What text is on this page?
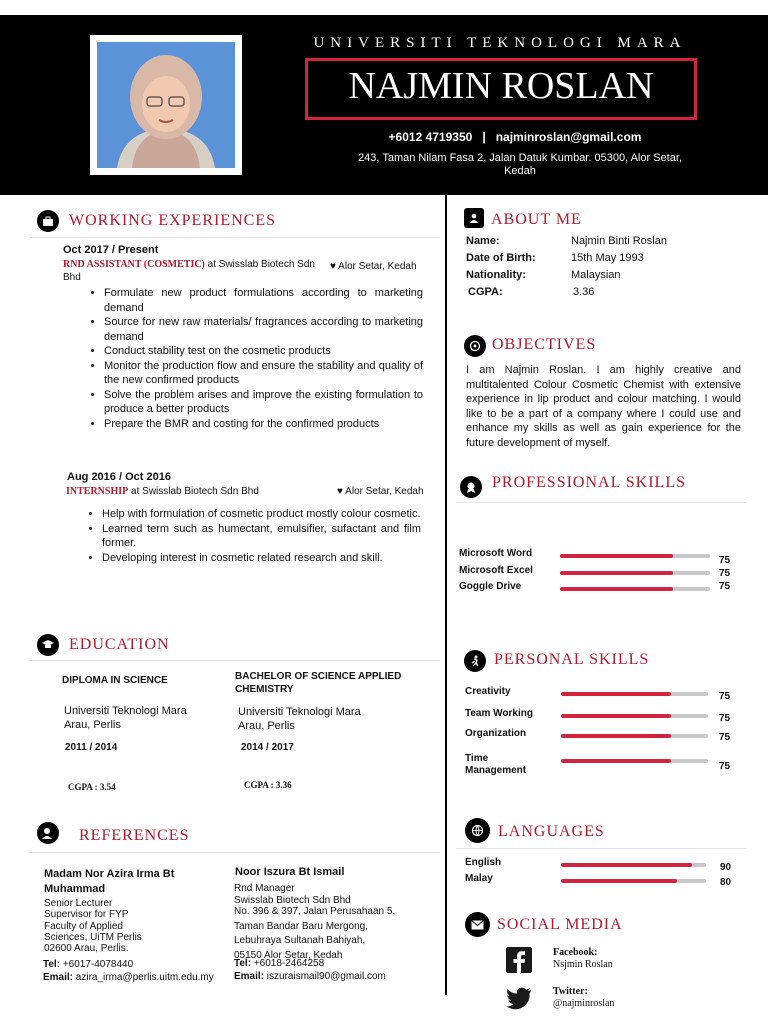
UNIVERSITI TEKNOLOGI MARA
NAJMIN ROSLAN
+6012 4719350 | najminroslan@gmail.com
243, Taman Nilam Fasa 2, Jalan Datuk Kumbar. 05300, Alor Setar, Kedah
WORKING EXPERIENCES
Oct 2017 / Present
RND ASSISTANT (COSMETIC) at Swisslab Biotech Sdn Bhd
♥ Alor Setar, Kedah
• Formulate new product formulations according to marketing demand
• Source for new raw materials/ fragrances according to marketing demand
• Conduct stability test on the cosmetic products
• Monitor the production flow and ensure the stability and quality of the new confirmed products
• Solve the problem arises and improve the existing formulation to produce a better products
• Prepare the BMR and costing for the confirmed products
Aug 2016 / Oct 2016
INTERNSHIP at Swisslab Biotech Sdn Bhd	♥ Alor Setar, Kedah
• Help with formulation of cosmetic product mostly colour cosmetic.
• Learned term such as humectant, emulsifier, sufactant and film former.
• Developing interest in cosmetic related research and skill.
EDUCATION
DIPLOMA IN SCIENCE
Universiti Teknologi Mara
Arau, Perlis
2011 / 2014
CGPA : 3.54
BACHELOR OF SCIENCE APPLIED CHEMISTRY
Universiti Teknologi Mara
Arau, Perlis
2014 / 2017
CGPA : 3.36
REFERENCES
Madam Nor Azira Irma Bt Muhammad
Senior Lecturer
Supervisor for FYP
Faculty of Applied
Sciences, UiTM Perlis
02600 Arau, Perlis.
Tel: +6017-4078440
Email: azira_irma@perlis.uitm.edu.my
Noor Iszura Bt Ismail
Rnd Manager
Swisslab Biotech Sdn Bhd
No. 396 & 397, Jalan Perusahaan 5,
Taman Bandar Baru Mergong,
Lebuhraya Sultanah Bahiyah,
05150 Alor Setar, Kedah
Tel: +6018-2464258
Email: iszuraismail90@gmail.com
ABOUT ME
Name:	Najmin Binti Roslan
Date of Birth:	15th May 1993
Nationality:	Malaysian
CGPA:	3.36
OBJECTIVES
I am Najmin Roslan. I am highly creative and multitalented Colour Cosmetic Chemist with extensive experience in lip product and colour matching. I would like to be a part of a company where I could use and enhance my skills as well as gain experience for the future development of myself.
PROFESSIONAL SKILLS
Microsoft Word
75
Microsoft Excel	75
Goggle Drive	75
PERSONAL SKILLS
Creativity	75
Team Working	75
Organization	75
Time Management	75
LANGUAGES
English	90
Malay	80
SOCIAL MEDIA
Facebook:
Nsjmin Roslan
Twitter:
@najminroslan
